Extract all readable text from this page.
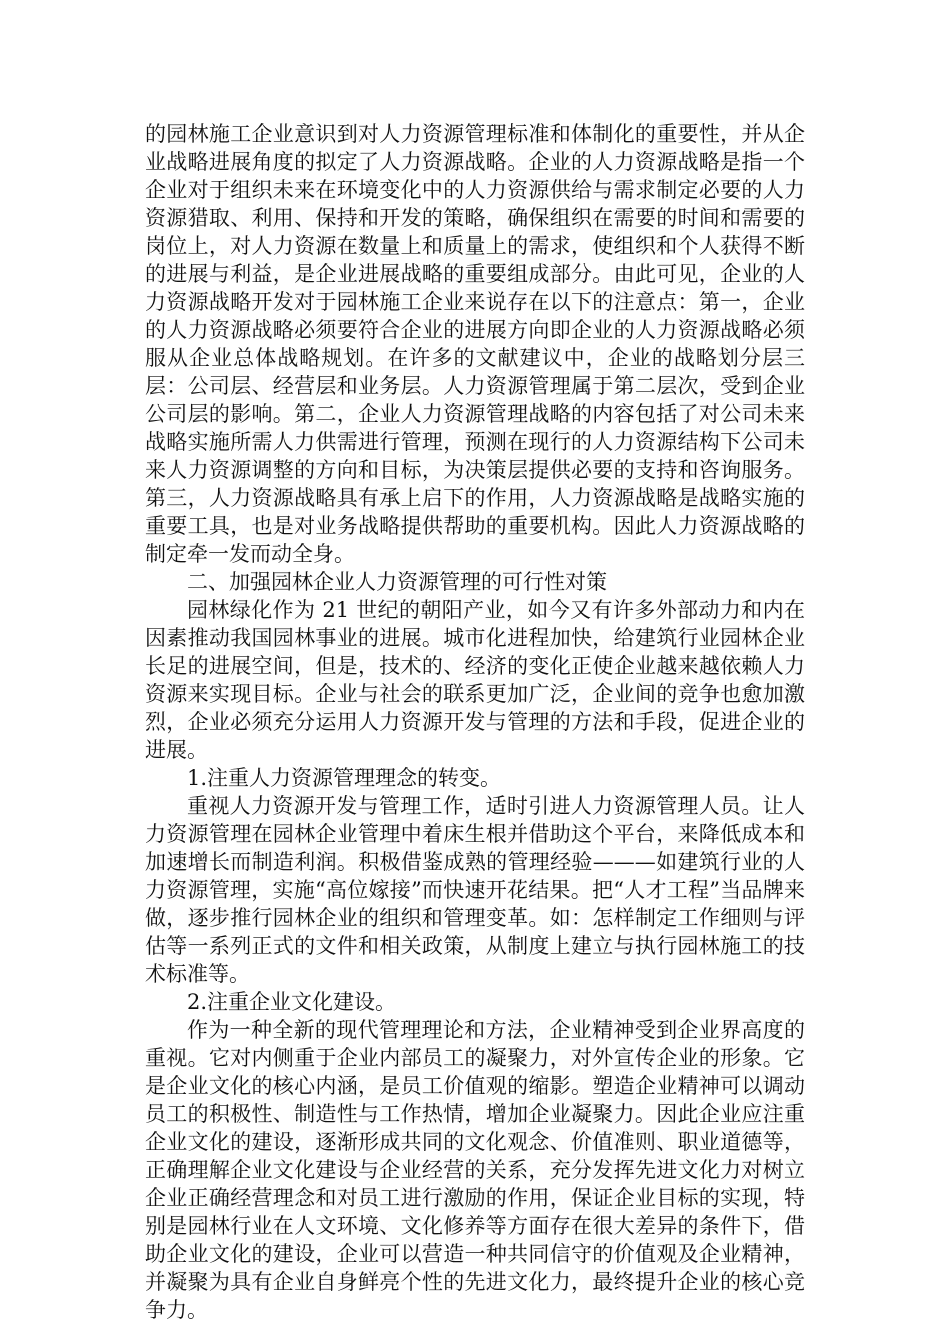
的园林施工企业意识到对人力资源管理标准和体制化的重要性，并从企业战略进展角度的拟定了人力资源战略。企业的人力资源战略是指一个企业对于组织未来在环境变化中的人力资源供给与需求制定必要的人力资源猎取、利用、保持和开发的策略，确保组织在需要的时间和需要的岗位上，对人力资源在数量上和质量上的需求，使组织和个人获得不断的进展与利益，是企业进展战略的重要组成部分。由此可见，企业的人力资源战略开发对于园林施工企业来说存在以下的注意点：第一，企业的人力资源战略必须要符合企业的进展方向即企业的人力资源战略必须服从企业总体战略规划。在许多的文献建议中，企业的战略划分层三层：公司层、经营层和业务层。人力资源管理属于第二层次，受到企业公司层的影响。第二，企业人力资源管理战略的内容包括了对公司未来战略实施所需人力供需进行管理，预测在现行的人力资源结构下公司未来人力资源调整的方向和目标，为决策层提供必要的支持和咨询服务。第三，人力资源战略具有承上启下的作用，人力资源战略是战略实施的重要工具，也是对业务战略提供帮助的重要机构。因此人力资源战略的制定牵一发而动全身。

二、加强园林企业人力资源管理的可行性对策

园林绿化作为 21 世纪的朝阳产业，如今又有许多外部动力和内在因素推动我国园林事业的进展。城市化进程加快，给建筑行业园林企业长足的进展空间，但是，技术的、经济的变化正使企业越来越依赖人力资源来实现目标。企业与社会的联系更加广泛，企业间的竞争也愈加激烈，企业必须充分运用人力资源开发与管理的方法和手段，促进企业的进展。

1.注重人力资源管理理念的转变。

重视人力资源开发与管理工作，适时引进人力资源管理人员。让人力资源管理在园林企业管理中着床生根并借助这个平台，来降低成本和加速增长而制造利润。积极借鉴成熟的管理经验———如建筑行业的人力资源管理，实施“高位嫁接”而快速开花结果。把“人才工程”当品牌来做，逐步推行园林企业的组织和管理变革。如：怎样制定工作细则与评估等一系列正式的文件和相关政策，从制度上建立与执行园林施工的技术标准等。

2.注重企业文化建设。

作为一种全新的现代管理理论和方法，企业精神受到企业界高度的重视。它对内侧重于企业内部员工的凝聚力，对外宣传企业的形象。它是企业文化的核心内涵，是员工价值观的缩影。塑造企业精神可以调动员工的积极性、制造性与工作热情，增加企业凝聚力。因此企业应注重企业文化的建设，逐渐形成共同的文化观念、价值准则、职业道德等，正确理解企业文化建设与企业经营的关系，充分发挥先进文化力对树立企业正确经营理念和对员工进行激励的作用，保证企业目标的实现，特别是园林行业在人文环境、文化修养等方面存在很大差异的条件下，借助企业文化的建设，企业可以营造一种共同信守的价值观及企业精神，并凝聚为具有企业自身鲜亮个性的先进文化力，最终提升企业的核心竞争力。
